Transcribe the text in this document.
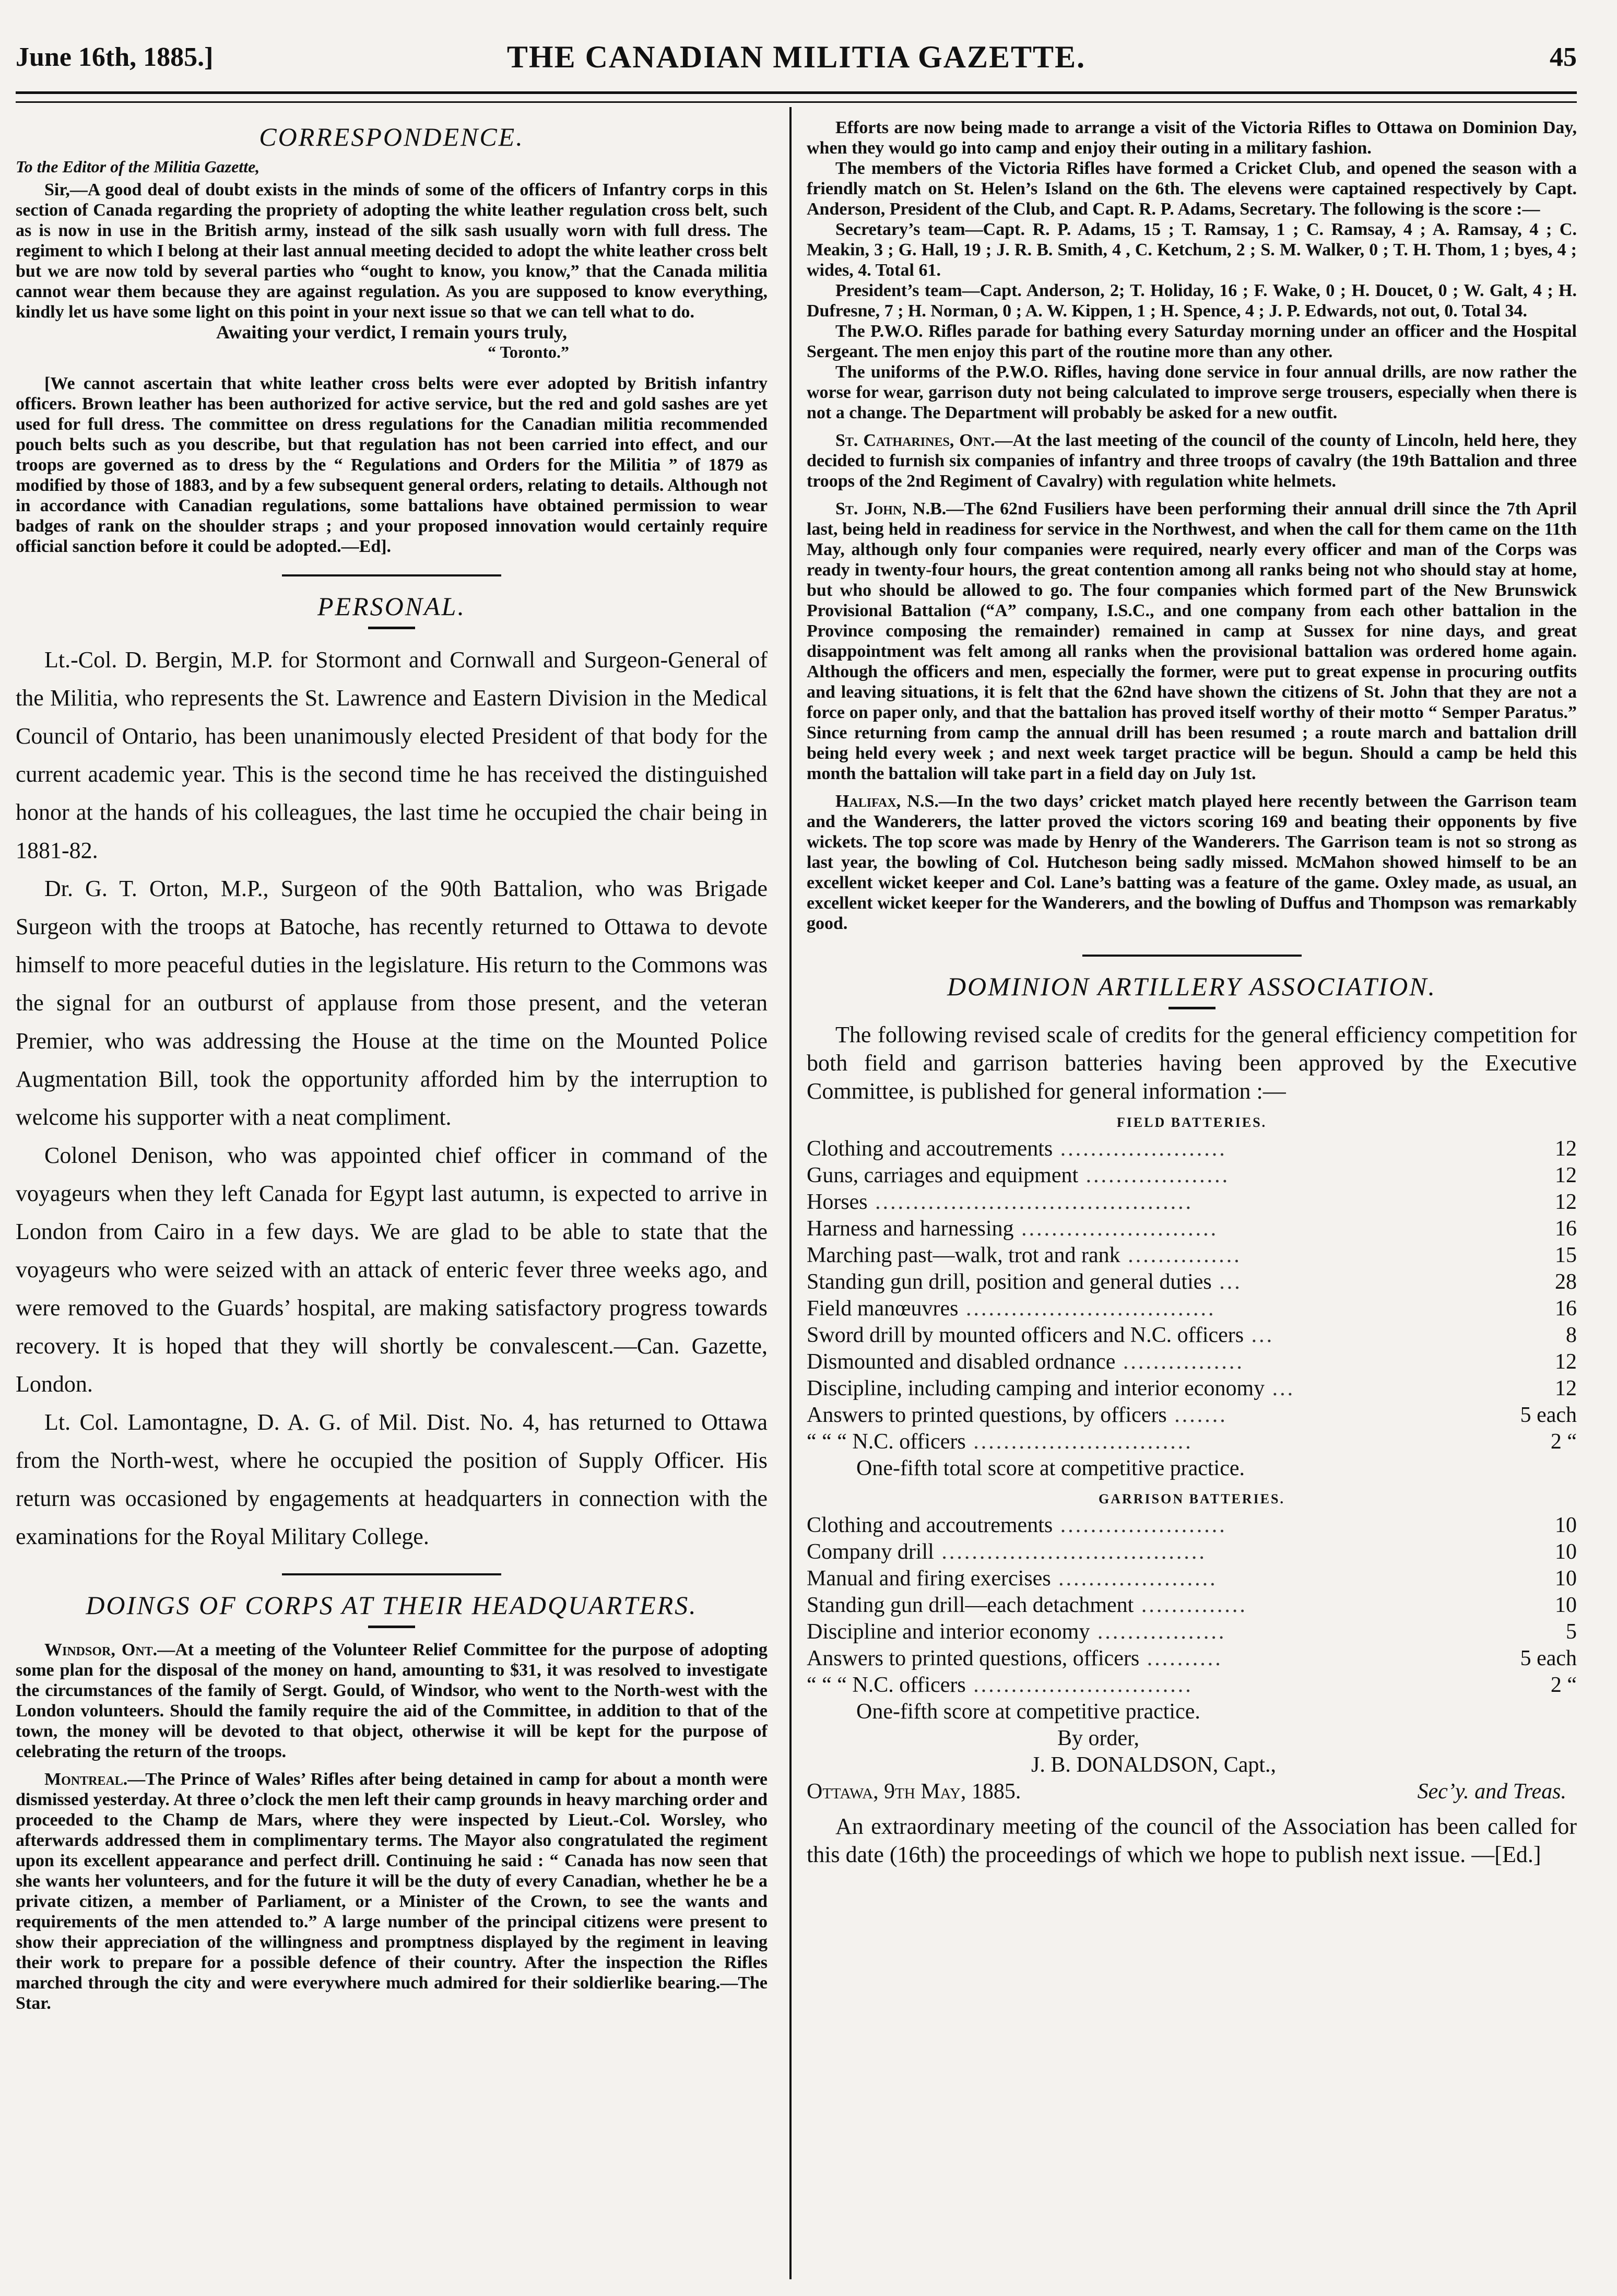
June 16th, 1885.]	THE CANADIAN MILITIA GAZETTE.	45
CORRESPONDENCE.

To the Editor of the Militia Gazette,

Sir,—A good deal of doubt exists in the minds of some of the officers of Infantry corps in this section of Canada regarding the propriety of adopting the white leather regulation cross belt, such as is now in use in the British army, instead of the silk sash usually worn with full dress. The regiment to which I belong at their last annual meeting decided to adopt the white leather cross belt but we are now told by several parties who “ought to know, you know,” that the Canada militia cannot wear them because they are against regulation. As you are supposed to know everything, kindly let us have some light on this point in your next issue so that we can tell what to do.

Awaiting your verdict, I remain yours truly,

“ Toronto.”

[We cannot ascertain that white leather cross belts were ever adopted by British infantry officers. Brown leather has been authorized for active service, but the red and gold sashes are yet used for full dress. The committee on dress regulations for the Canadian militia recommended pouch belts such as you describe, but that regulation has not been carried into effect, and our troops are governed as to dress by the “ Regulations and Orders for the Militia ” of 1879 as modified by those of 1883, and by a few subsequent general orders, relating to details. Although not in accordance with Canadian regulations, some battalions have obtained permission to wear badges of rank on the shoulder straps ; and your proposed innovation would certainly require official sanction before it could be adopted.—Ed].

PERSONAL.

Lt.-Col. D. Bergin, M.P. for Stormont and Cornwall and Surgeon-General of the Militia, who represents the St. Lawrence and Eastern Division in the Medical Council of Ontario, has been unanimously elected President of that body for the current academic year. This is the second time he has received the distinguished honor at the hands of his colleagues, the last time he occupied the chair being in 1881-82.

Dr. G. T. Orton, M.P., Surgeon of the 90th Battalion, who was Brigade Surgeon with the troops at Batoche, has recently returned to Ottawa to devote himself to more peaceful duties in the legislature. His return to the Commons was the signal for an outburst of applause from those present, and the veteran Premier, who was addressing the House at the time on the Mounted Police Augmentation Bill, took the opportunity afforded him by the interruption to welcome his supporter with a neat compliment.

Colonel Denison, who was appointed chief officer in command of the voyageurs when they left Canada for Egypt last autumn, is expected to arrive in London from Cairo in a few days. We are glad to be able to state that the voyageurs who were seized with an attack of enteric fever three weeks ago, and were removed to the Guards’ hospital, are making satisfactory progress towards recovery. It is hoped that they will shortly be convalescent.—Can. Gazette, London.

Lt. Col. Lamontagne, D. A. G. of Mil. Dist. No. 4, has returned to Ottawa from the North-west, where he occupied the position of Supply Officer. His return was occasioned by engagements at headquarters in connection with the examinations for the Royal Military College.

DOINGS OF CORPS AT THEIR HEADQUARTERS.

Windsor, Ont.—At a meeting of the Volunteer Relief Committee for the purpose of adopting some plan for the disposal of the money on hand, amounting to $31, it was resolved to investigate the circumstances of the family of Sergt. Gould, of Windsor, who went to the North-west with the London volunteers. Should the family require the aid of the Committee, in addition to that of the town, the money will be devoted to that object, otherwise it will be kept for the purpose of celebrating the return of the troops.

Montreal.—The Prince of Wales’ Rifles after being detained in camp for about a month were dismissed yesterday. At three o’clock the men left their camp grounds in heavy marching order and proceeded to the Champ de Mars, where they were inspected by Lieut.-Col. Worsley, who afterwards addressed them in complimentary terms. The Mayor also congratulated the regiment upon its excellent appearance and perfect drill. Continuing he said : “ Canada has now seen that she wants her volunteers, and for the future it will be the duty of every Canadian, whether he be a private citizen, a member of Parliament, or a Minister of the Crown, to see the wants and requirements of the men attended to.” A large number of the principal citizens were present to show their appreciation of the willingness and promptness displayed by the regiment in leaving their work to prepare for a possible defence of their country. After the inspection the Rifles marched through the city and were everywhere much admired for their soldierlike bearing.—The Star.

Efforts are now being made to arrange a visit of the Victoria Rifles to Ottawa on Dominion Day, when they would go into camp and enjoy their outing in a military fashion.

The members of the Victoria Rifles have formed a Cricket Club, and opened the season with a friendly match on St. Helen’s Island on the 6th. The elevens were captained respectively by Capt. Anderson, President of the Club, and Capt. R. P. Adams, Secretary. The following is the score :—

Secretary’s team—Capt. R. P. Adams, 15 ; T. Ramsay, 1 ; C. Ramsay, 4 ; A. Ramsay, 4 ; C. Meakin, 3 ; G. Hall, 19 ; J. R. B. Smith, 4 , C. Ketchum, 2 ; S. M. Walker, 0 ; T. H. Thom, 1 ; byes, 4 ; wides, 4. Total 61.

President’s team—Capt. Anderson, 2; T. Holiday, 16 ; F. Wake, 0 ; H. Doucet, 0 ; W. Galt, 4 ; H. Dufresne, 7 ; H. Norman, 0 ; A. W. Kippen, 1 ; H. Spence, 4 ; J. P. Edwards, not out, 0. Total 34.

The P.W.O. Rifles parade for bathing every Saturday morning under an officer and the Hospital Sergeant. The men enjoy this part of the routine more than any other.

The uniforms of the P.W.O. Rifles, having done service in four annual drills, are now rather the worse for wear, garrison duty not being calculated to improve serge trousers, especially when there is not a change. The Department will probably be asked for a new outfit.

St. Catharines, Ont.—At the last meeting of the council of the county of Lincoln, held here, they decided to furnish six companies of infantry and three troops of cavalry (the 19th Battalion and three troops of the 2nd Regiment of Cavalry) with regulation white helmets.

St. John, N.B.—The 62nd Fusiliers have been performing their annual drill since the 7th April last, being held in readiness for service in the Northwest, and when the call for them came on the 11th May, although only four companies were required, nearly every officer and man of the Corps was ready in twenty-four hours, the great contention among all ranks being not who should stay at home, but who should be allowed to go. The four companies which formed part of the New Brunswick Provisional Battalion (“A” company, I.S.C., and one company from each other battalion in the Province composing the remainder) remained in camp at Sussex for nine days, and great disappointment was felt among all ranks when the provisional battalion was ordered home again. Although the officers and men, especially the former, were put to great expense in procuring outfits and leaving situations, it is felt that the 62nd have shown the citizens of St. John that they are not a force on paper only, and that the battalion has proved itself worthy of their motto “ Semper Paratus.” Since returning from camp the annual drill has been resumed ; a route march and battalion drill being held every week ; and next week target practice will be begun. Should a camp be held this month the battalion will take part in a field day on July 1st.

Halifax, N.S.—In the two days’ cricket match played here recently between the Garrison team and the Wanderers, the latter proved the victors scoring 169 and beating their opponents by five wickets. The top score was made by Henry of the Wanderers. The Garrison team is not so strong as last year, the bowling of Col. Hutcheson being sadly missed. McMahon showed himself to be an excellent wicket keeper and Col. Lane’s batting was a feature of the game. Oxley made, as usual, an excellent wicket keeper for the Wanderers, and the bowling of Duffus and Thompson was remarkably good.

DOMINION ARTILLERY ASSOCIATION.

The following revised scale of credits for the general efficiency competition for both field and garrison batteries having been approved by the Executive Committee, is published for general information :—

FIELD BATTERIES.
Clothing and accoutrements ......................	12
Guns, carriages and equipment ...................	12
Horses ..........................................	12
Harness and harnessing ..........................	16
Marching past—walk, trot and rank ...............	15
Standing gun drill, position and general duties ...	28
Field manœuvres .................................	16
Sword drill by mounted officers and N.C. officers ...	8
Dismounted and disabled ordnance ................	12
Discipline, including camping and interior economy ...	12
Answers to printed questions, by officers .......	5 each
“ “ “ N.C. officers .............................	2 “
One-fifth total score at competitive practice.
GARRISON BATTERIES.
Clothing and accoutrements ......................	10
Company drill ...................................	10
Manual and firing exercises .....................	10
Standing gun drill—each detachment ..............	10
Discipline and interior economy .................	5
Answers to printed questions, officers ..........	5 each
“ “ “ N.C. officers .............................	2 “
One-fifth score at competitive practice.
By order,
J. B. DONALDSON, Capt.,
Ottawa, 9th May, 1885.	Sec’y. and Treas.

An extraordinary meeting of the council of the Association has been called for this date (16th) the proceedings of which we hope to publish next issue. —[Ed.]
